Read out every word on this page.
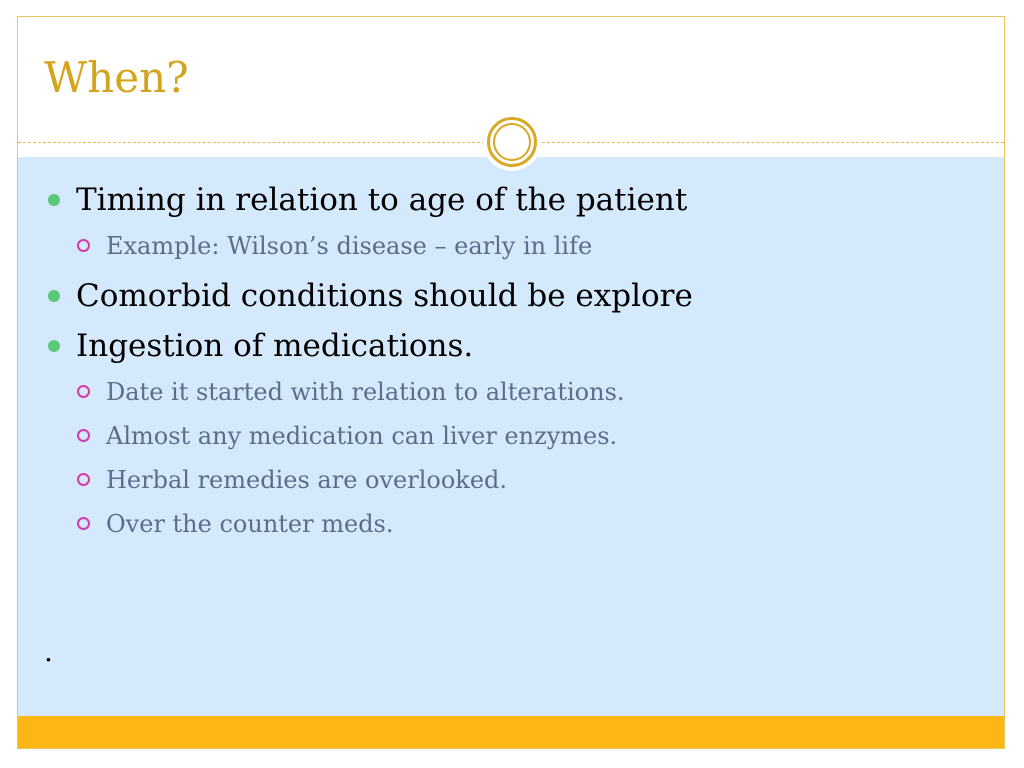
When?
Timing in relation to age of the patient
Example: Wilson’s disease – early in life
Comorbid conditions should be explore
Ingestion of medications.
Date it started with relation to alterations.
Almost any medication can liver enzymes.
Herbal remedies are overlooked.
Over the counter meds.
.
